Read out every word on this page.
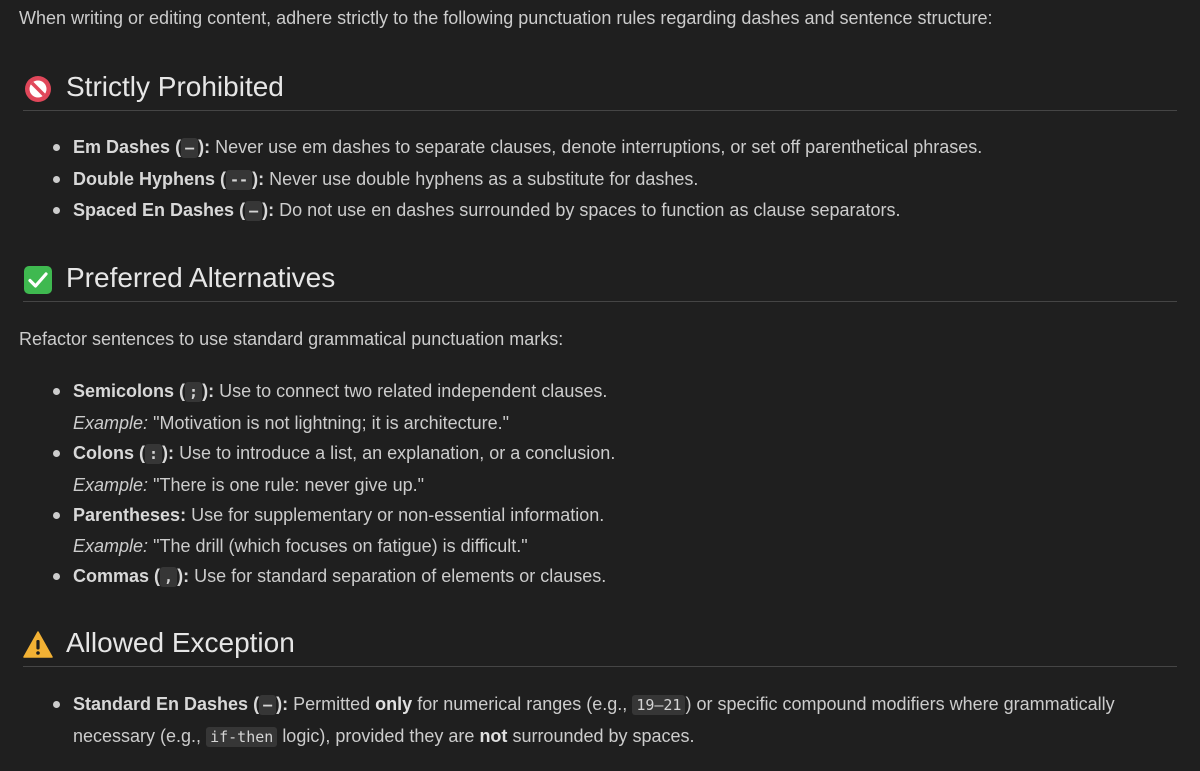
When writing or editing content, adhere strictly to the following punctuation rules regarding dashes and sentence structure:
Strictly Prohibited
Em Dashes ( — ): Never use em dashes to separate clauses, denote interruptions, or set off parenthetical phrases.
Double Hyphens ( -- ): Never use double hyphens as a substitute for dashes.
Spaced En Dashes ( – ): Do not use en dashes surrounded by spaces to function as clause separators.
Preferred Alternatives
Refactor sentences to use standard grammatical punctuation marks:
Semicolons ( ; ): Use to connect two related independent clauses.
Example: "Motivation is not lightning; it is architecture."
Colons ( : ): Use to introduce a list, an explanation, or a conclusion.
Example: "There is one rule: never give up."
Parentheses: Use for supplementary or non-essential information.
Example: "The drill (which focuses on fatigue) is difficult."
Commas ( , ): Use for standard separation of elements or clauses.
Allowed Exception
Standard En Dashes ( – ): Permitted only for numerical ranges (e.g., 19–21 ) or specific compound modifiers where grammatically necessary (e.g., if-then logic), provided they are not surrounded by spaces.
